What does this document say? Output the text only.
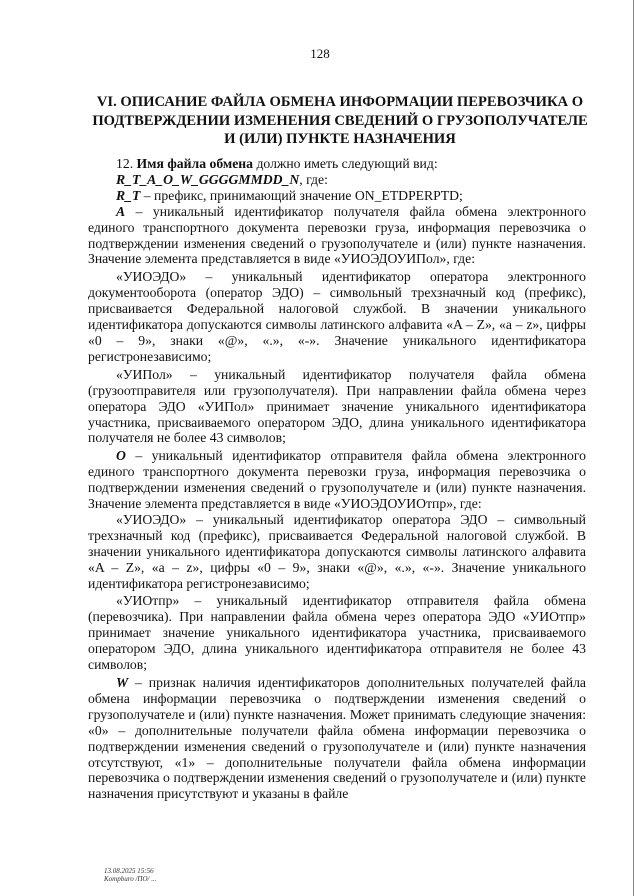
128
VI. ОПИСАНИЕ ФАЙЛА ОБМЕНА ИНФОРМАЦИИ ПЕРЕВОЗЧИКА О ПОДТВЕРЖДЕНИИ ИЗМЕНЕНИЯ СВЕДЕНИЙ О ГРУЗОПОЛУЧАТЕЛЕ И (ИЛИ) ПУНКТЕ НАЗНАЧЕНИЯ

12. Имя файла обмена должно иметь следующий вид:

R_T_A_O_W_GGGGMMDD_N, где:

R_T – префикс, принимающий значение ON_ETDPERPTD;

A – уникальный идентификатор получателя файла обмена электронного единого транспортного документа перевозки груза, информация перевозчика о подтверждении изменения сведений о грузополучателе и (или) пункте назначения. Значение элемента представляется в виде «УИОЭДОУИПол», где:

«УИОЭДО» – уникальный идентификатор оператора электронного документооборота (оператор ЭДО) – символьный трехзначный код (префикс), присваивается Федеральной налоговой службой. В значении уникального идентификатора допускаются символы латинского алфавита «A – Z», «a – z», цифры «0 – 9», знаки «@», «.», «-». Значение уникального идентификатора регистронезависимо;

«УИПол» – уникальный идентификатор получателя файла обмена (грузоотправителя или грузополучателя). При направлении файла обмена через оператора ЭДО «УИПол» принимает значение уникального идентификатора участника, присваиваемого оператором ЭДО, длина уникального идентификатора получателя не более 43 символов;

O – уникальный идентификатор отправителя файла обмена электронного единого транспортного документа перевозки груза, информация перевозчика о подтверждении изменения сведений о грузополучателе и (или) пункте назначения. Значение элемента представляется в виде «УИОЭДОУИОтпр», где:

«УИОЭДО» – уникальный идентификатор оператора ЭДО – символьный трехзначный код (префикс), присваивается Федеральной налоговой службой. В значении уникального идентификатора допускаются символы латинского алфавита «A – Z», «a – z», цифры «0 – 9», знаки «@», «.», «-». Значение уникального идентификатора регистронезависимо;

«УИОтпр» – уникальный идентификатор отправителя файла обмена (перевозчика). При направлении файла обмена через оператора ЭДО «УИОтпр» принимает значение уникального идентификатора участника, присваиваемого оператором ЭДО, длина уникального идентификатора отправителя не более 43 символов;

W – признак наличия идентификаторов дополнительных получателей файла обмена информации перевозчика о подтверждении изменения сведений о грузополучателе и (или) пункте назначения. Может принимать следующие значения: «0» – дополнительные получатели файла обмена информации перевозчика о подтверждении изменения сведений о грузополучателе и (или) пункте назначения отсутствуют, «1» – дополнительные получатели файла обмена информации перевозчика о подтверждении изменения сведений о грузополучателе и (или) пункте назначения присутствуют и указаны в файле

13.08.2025 15:56
Kompburo /ПО/ ...
